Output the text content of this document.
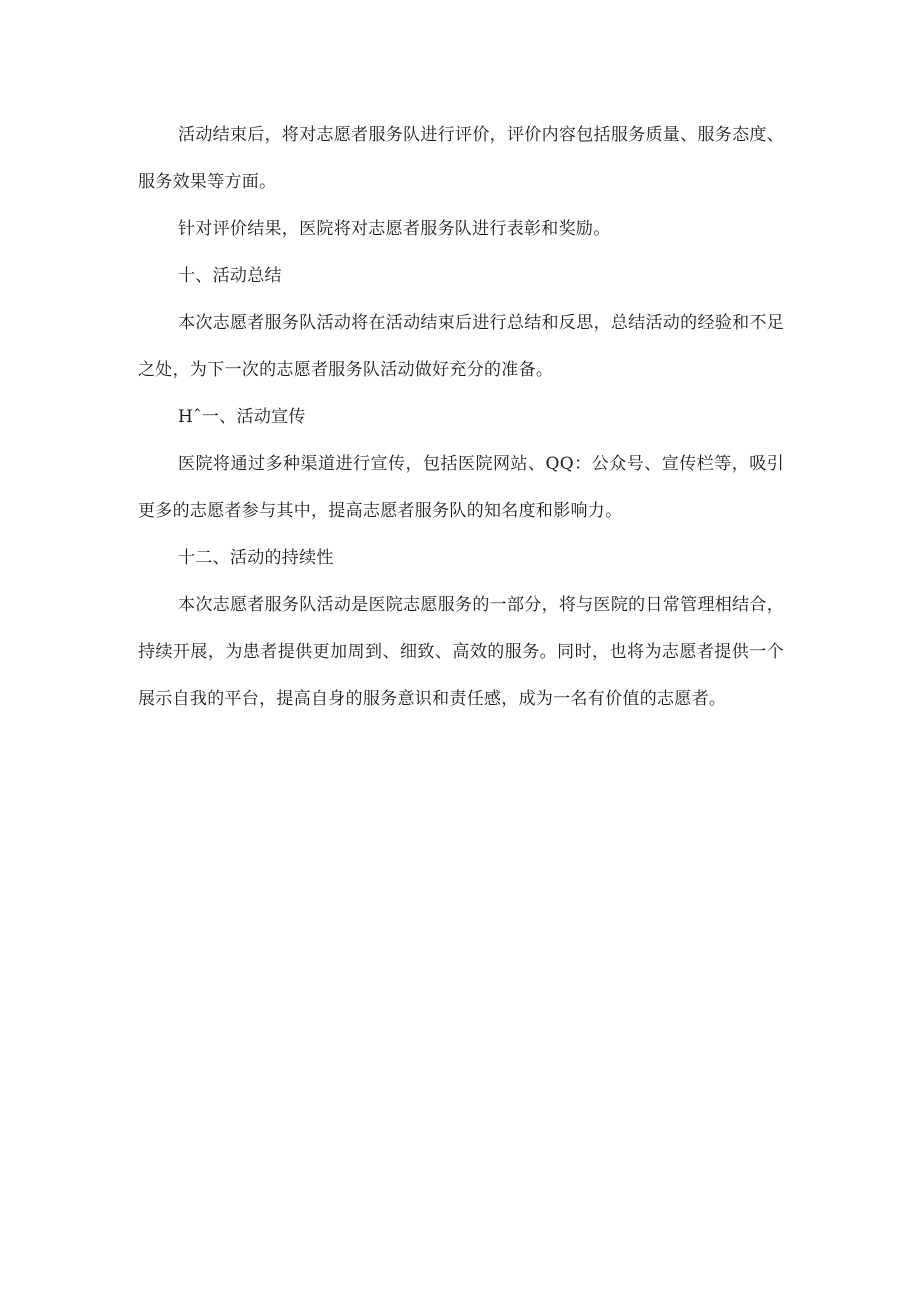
活动结束后，将对志愿者服务队进行评价，评价内容包括服务质量、服务态度、服务效果等方面。

针对评价结果，医院将对志愿者服务队进行表彰和奖励。

十、活动总结

本次志愿者服务队活动将在活动结束后进行总结和反思，总结活动的经验和不足之处，为下一次的志愿者服务队活动做好充分的准备。

Hˆ一、活动宣传

医院将通过多种渠道进行宣传，包括医院网站、QQ：公众号、宣传栏等，吸引更多的志愿者参与其中，提高志愿者服务队的知名度和影响力。

十二、活动的持续性

本次志愿者服务队活动是医院志愿服务的一部分，将与医院的日常管理相结合，持续开展，为患者提供更加周到、细致、高效的服务。同时，也将为志愿者提供一个展示自我的平台，提高自身的服务意识和责任感，成为一名有价值的志愿者。
